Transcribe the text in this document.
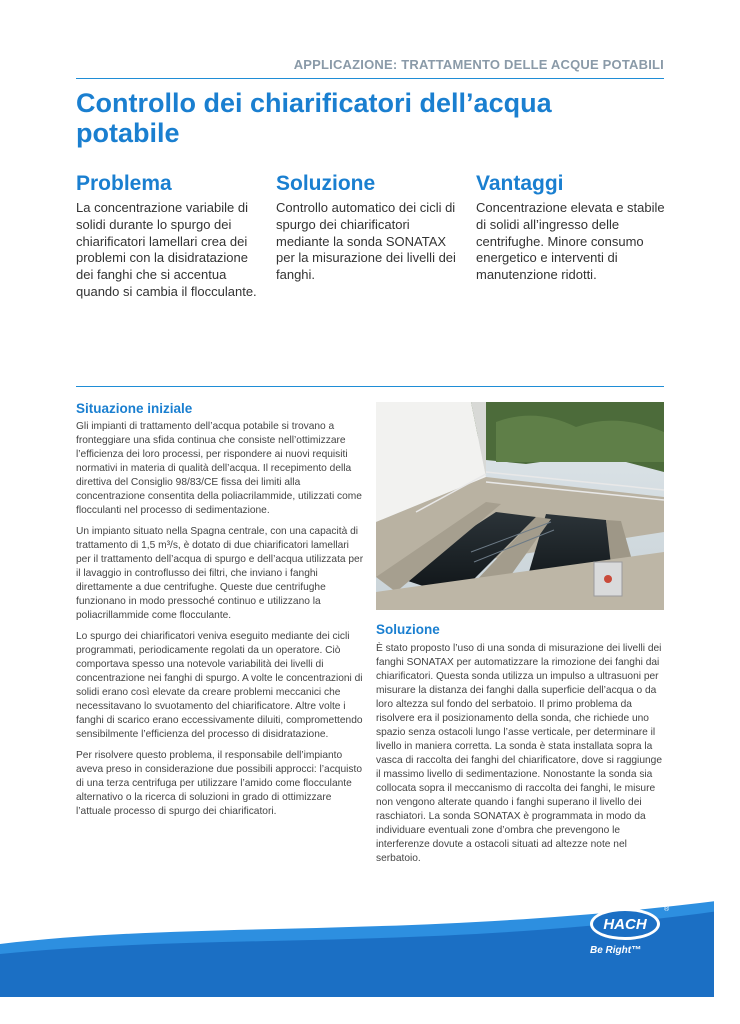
APPLICAZIONE: TRATTAMENTO DELLE ACQUE POTABILI
Controllo dei chiarificatori dell’acqua potabile
Problema

La concentrazione variabile di solidi durante lo spurgo dei chiarificatori lamellari crea dei problemi con la disidratazione dei fanghi che si accentua quando si cambia il flocculante.

Soluzione

Controllo automatico dei cicli di spurgo dei chiarificatori mediante la sonda SONATAX per la misurazione dei livelli dei fanghi.

Vantaggi

Concentrazione elevata e stabile di solidi all’ingresso delle centrifughe. Minore consumo energetico e interventi di manutenzione ridotti.

Situazione iniziale

Gli impianti di trattamento dell’acqua potabile si trovano a fronteggiare una sfida continua che consiste nell’ottimizzare l’efficienza dei loro processi, per rispondere ai nuovi requisiti normativi in materia di qualità dell’acqua. Il recepimento della direttiva del Consiglio 98/83/CE fissa dei limiti alla concentrazione consentita della poliacrilammide, utilizzati come flocculanti nel processo di sedimentazione.

Un impianto situato nella Spagna centrale, con una capacità di trattamento di 1,5 m³/s, è dotato di due chiarificatori lamellari per il trattamento dell’acqua di spurgo e dell’acqua utilizzata per il lavaggio in controflusso dei filtri, che inviano i fanghi direttamente a due centrifughe. Queste due centrifughe funzionano in modo pressoché continuo e utilizzano la poliacrillammide come flocculante.

Lo spurgo dei chiarificatori veniva eseguito mediante dei cicli programmati, periodicamente regolati da un operatore. Ciò comportava spesso una notevole variabilità dei livelli di concentrazione nei fanghi di spurgo. A volte le concentrazioni di solidi erano così elevate da creare problemi meccanici che necessitavano lo svuotamento del chiarificatore. Altre volte i fanghi di scarico erano eccessivamente diluiti, compromettendo sensibilmente l’efficienza del processo di disidratazione.

Per risolvere questo problema, il responsabile dell’impianto aveva preso in considerazione due possibili approcci: l’acquisto di una terza centrifuga per utilizzare l’amido come flocculante alternativo o la ricerca di soluzioni in grado di ottimizzare l’attuale processo di spurgo dei chiarificatori.

Soluzione

È stato proposto l’uso di una sonda di misurazione dei livelli dei fanghi SONATAX per automatizzare la rimozione dei fanghi dai chiarificatori. Questa sonda utilizza un impulso a ultrasuoni per misurare la distanza dei fanghi dalla superficie dell’acqua o da loro altezza sul fondo del serbatoio. Il primo problema da risolvere era il posizionamento della sonda, che richiede uno spazio senza ostacoli lungo l’asse verticale, per determinare il livello in maniera corretta. La sonda è stata installata sopra la vasca di raccolta dei fanghi del chiarificatore, dove si raggiunge il massimo livello di sedimentazione. Nonostante la sonda sia collocata sopra il meccanismo di raccolta dei fanghi, le misure non vengono alterate quando i fanghi superano il livello dei raschiatori. La sonda SONATAX è programmata in modo da individuare eventuali zone d’ombra che prevengono le interferenze dovute a ostacoli situati ad altezze note nel serbatoio.

HACH
®
Be Right™
